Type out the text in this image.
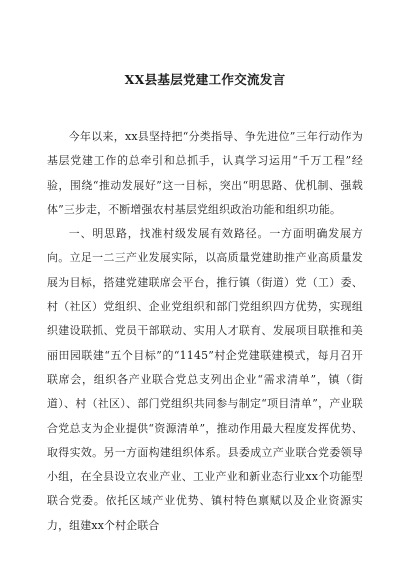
XX县基层党建工作交流发言

今年以来，xx县坚持把“分类指导、争先进位”三年行动作为基层党建工作的总牵引和总抓手，认真学习运用“千万工程”经验，围绕“推动发展好”这一目标，突出“明思路、优机制、强载体”三步走，不断增强农村基层党组织政治功能和组织功能。

一、明思路，找准村级发展有效路径。一方面明确发展方向。立足一二三产业发展实际，以高质量党建助推产业高质量发展为目标，搭建党建联席会平台，推行镇（街道）党（工）委、村（社区）党组织、企业党组织和部门党组织四方优势，实现组织建设联抓、党员干部联动、实用人才联育、发展项目联推和美丽田园联建“五个目标”的“1145”村企党建联建模式，每月召开联席会，组织各产业联合党总支列出企业“需求清单”，镇（街道）、村（社区）、部门党组织共同参与制定“项目清单”，产业联合党总支为企业提供“资源清单”，推动作用最大程度发挥优势、取得实效。另一方面构建组织体系。县委成立产业联合党委领导小组，在全县设立农业产业、工业产业和新业态行业xx个功能型联合党委。依托区域产业优势、镇村特色禀赋以及企业资源实力，组建xx个村企联合
